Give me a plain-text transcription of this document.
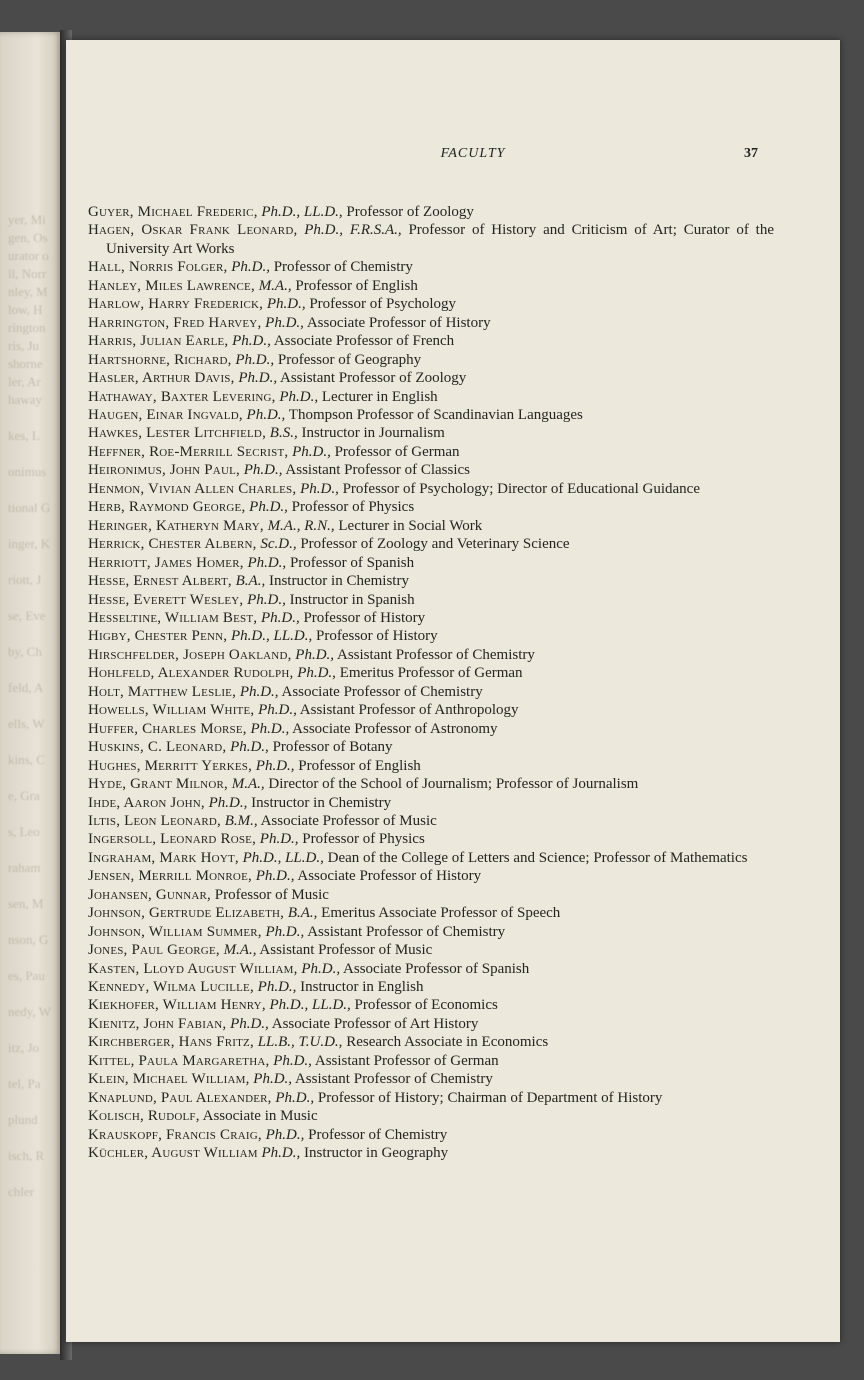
yer, Mi
gen, Os
urator o
ll, Norr
nley, M
low, H
rington
ris, Ju
shorne
ler, Ar
haway
kes, L
onimus
tional G
inger, K
riott, J
se, Eve
by, Ch
feld, A
ells, W
kins, C
e, Gra
s, Leo
raham
sen, M
nson, G
es, Pau
nedy, W
itz, Jo
tel, Pa
plund
isch, R
chler
FACULTY	37

Guyer, Michael Frederic, Ph.D., LL.D., Professor of Zoology

Hagen, Oskar Frank Leonard, Ph.D., F.R.S.A., Professor of History and Criticism of Art; Curator of the University Art Works

Hall, Norris Folger, Ph.D., Professor of Chemistry

Hanley, Miles Lawrence, M.A., Professor of English

Harlow, Harry Frederick, Ph.D., Professor of Psychology

Harrington, Fred Harvey, Ph.D., Associate Professor of History

Harris, Julian Earle, Ph.D., Associate Professor of French

Hartshorne, Richard, Ph.D., Professor of Geography

Hasler, Arthur Davis, Ph.D., Assistant Professor of Zoology

Hathaway, Baxter Levering, Ph.D., Lecturer in English

Haugen, Einar Ingvald, Ph.D., Thompson Professor of Scandinavian Languages

Hawkes, Lester Litchfield, B.S., Instructor in Journalism

Heffner, Roe-Merrill Secrist, Ph.D., Professor of German

Heironimus, John Paul, Ph.D., Assistant Professor of Classics

Henmon, Vivian Allen Charles, Ph.D., Professor of Psychology; Director of Educational Guidance

Herb, Raymond George, Ph.D., Professor of Physics

Heringer, Katheryn Mary, M.A., R.N., Lecturer in Social Work

Herrick, Chester Albern, Sc.D., Professor of Zoology and Veterinary Science

Herriott, James Homer, Ph.D., Professor of Spanish

Hesse, Ernest Albert, B.A., Instructor in Chemistry

Hesse, Everett Wesley, Ph.D., Instructor in Spanish

Hesseltine, William Best, Ph.D., Professor of History

Higby, Chester Penn, Ph.D., LL.D., Professor of History

Hirschfelder, Joseph Oakland, Ph.D., Assistant Professor of Chemistry

Hohlfeld, Alexander Rudolph, Ph.D., Emeritus Professor of German

Holt, Matthew Leslie, Ph.D., Associate Professor of Chemistry

Howells, William White, Ph.D., Assistant Professor of Anthropology

Huffer, Charles Morse, Ph.D., Associate Professor of Astronomy

Huskins, C. Leonard, Ph.D., Professor of Botany

Hughes, Merritt Yerkes, Ph.D., Professor of English

Hyde, Grant Milnor, M.A., Director of the School of Journalism; Professor of Journalism

Ihde, Aaron John, Ph.D., Instructor in Chemistry

Iltis, Leon Leonard, B.M., Associate Professor of Music

Ingersoll, Leonard Rose, Ph.D., Professor of Physics

Ingraham, Mark Hoyt, Ph.D., LL.D., Dean of the College of Letters and Science; Professor of Mathematics

Jensen, Merrill Monroe, Ph.D., Associate Professor of History

Johansen, Gunnar, Professor of Music

Johnson, Gertrude Elizabeth, B.A., Emeritus Associate Professor of Speech

Johnson, William Summer, Ph.D., Assistant Professor of Chemistry

Jones, Paul George, M.A., Assistant Professor of Music

Kasten, Lloyd August William, Ph.D., Associate Professor of Spanish

Kennedy, Wilma Lucille, Ph.D., Instructor in English

Kiekhofer, William Henry, Ph.D., LL.D., Professor of Economics

Kienitz, John Fabian, Ph.D., Associate Professor of Art History

Kirchberger, Hans Fritz, LL.B., T.U.D., Research Associate in Economics

Kittel, Paula Margaretha, Ph.D., Assistant Professor of German

Klein, Michael William, Ph.D., Assistant Professor of Chemistry

Knaplund, Paul Alexander, Ph.D., Professor of History; Chairman of Department of History

Kolisch, Rudolf, Associate in Music

Krauskopf, Francis Craig, Ph.D., Professor of Chemistry

Küchler, August William Ph.D., Instructor in Geography
